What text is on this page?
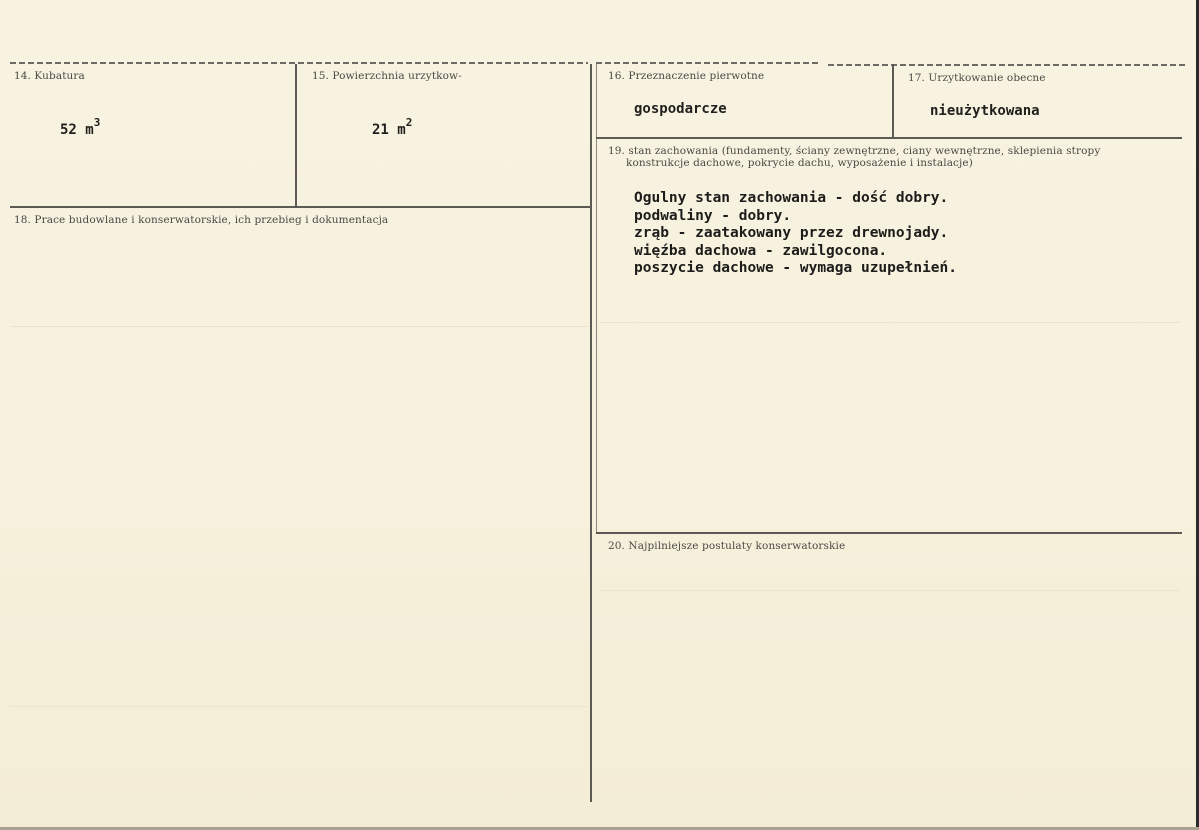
14. Kubatura
52 $m^3$
15. Powierzchnia urzytkow-
21 $m^2$
16. Przeznaczenie pierwotne
gospodarcze
17. Urzytkowanie obecne
nieużytkowana
18. Prace budowlane i konserwatorskie, ich przebieg i dokumentacja
19. stan zachowania (fundamenty, ściany zewnętrzne, ciany wewnętrzne, sklepienia stropy
konstrukcje dachowe, pokrycie dachu, wyposażenie i instalacje)
Ogulny stan zachowania - dość dobry.
podwaliny - dobry.
zrąb - zaatakowany przez drewnojady.
więźba dachowa - zawilgocona.
poszycie dachowe - wymaga uzupełnień.
20. Najpilniejsze postulaty konserwatorskie
